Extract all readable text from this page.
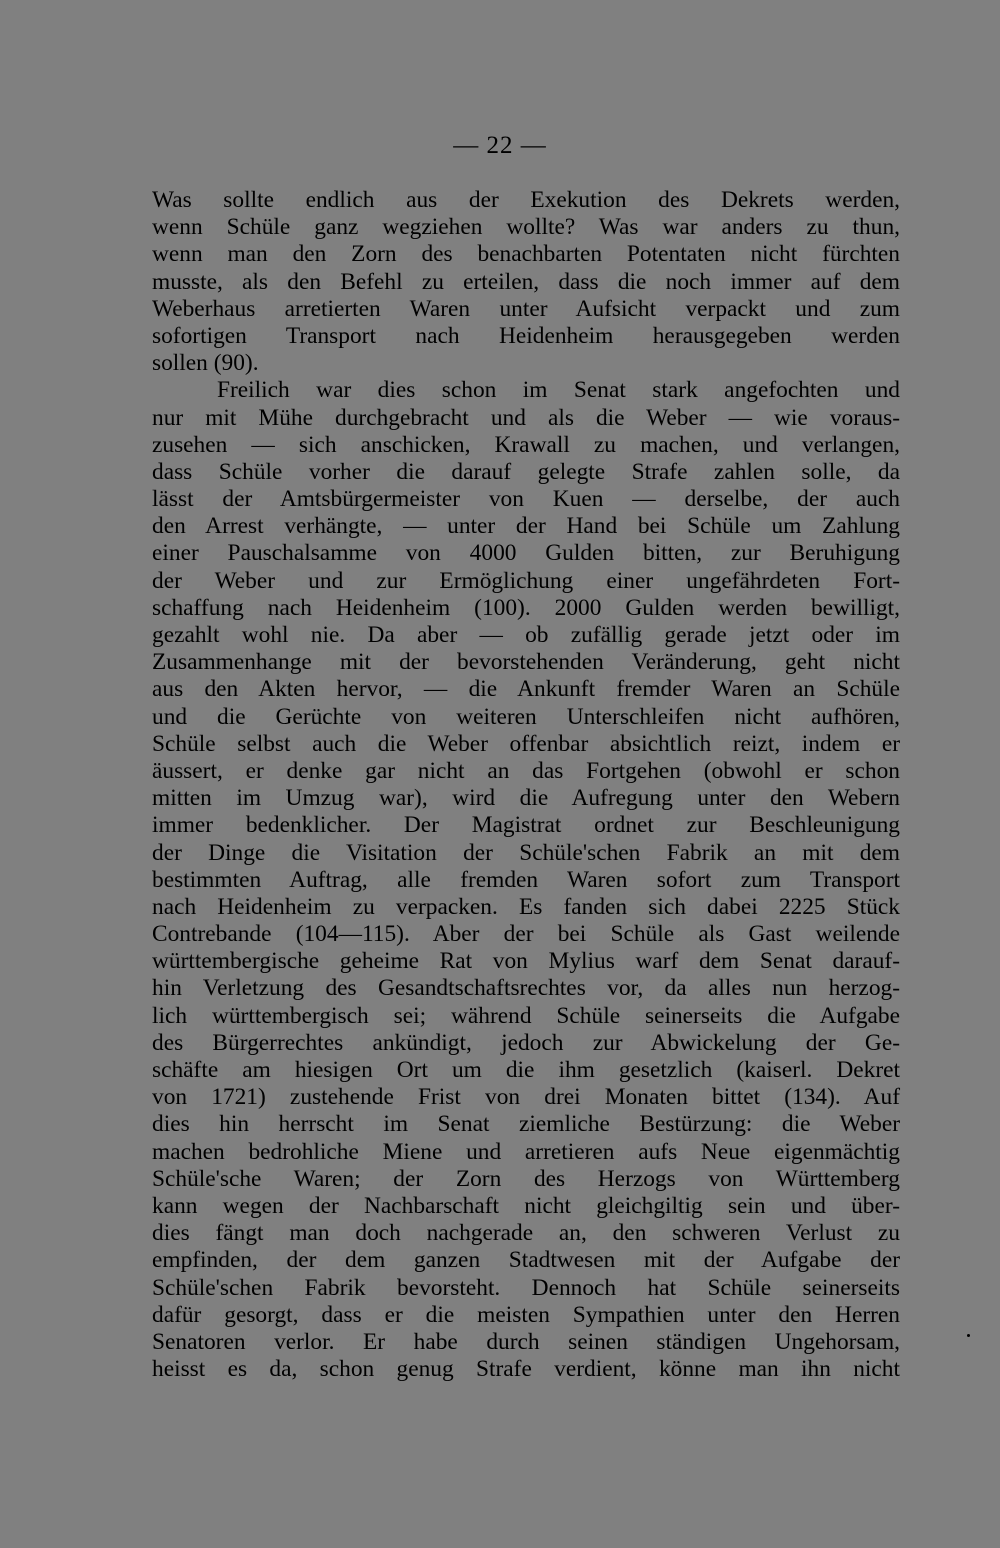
— 22 —
Was sollte endlich aus der Exekution des Dekrets werden,
wenn Schüle ganz wegziehen wollte? Was war anders zu thun,
wenn man den Zorn des benachbarten Potentaten nicht fürchten
musste, als den Befehl zu erteilen, dass die noch immer auf dem
Weberhaus arretierten Waren unter Aufsicht verpackt und zum
sofortigen Transport nach Heidenheim herausgegeben werden
sollen (90).
Freilich war dies schon im Senat stark angefochten und
nur mit Mühe durchgebracht und als die Weber — wie voraus-
zusehen — sich anschicken, Krawall zu machen, und verlangen,
dass Schüle vorher die darauf gelegte Strafe zahlen solle, da
lässt der Amtsbürgermeister von Kuen — derselbe, der auch
den Arrest verhängte, — unter der Hand bei Schüle um Zahlung
einer Pauschalsamme von 4000 Gulden bitten, zur Beruhigung
der Weber und zur Ermöglichung einer ungefährdeten Fort-
schaffung nach Heidenheim (100). 2000 Gulden werden bewilligt,
gezahlt wohl nie. Da aber — ob zufällig gerade jetzt oder im
Zusammenhange mit der bevorstehenden Veränderung, geht nicht
aus den Akten hervor, — die Ankunft fremder Waren an Schüle
und die Gerüchte von weiteren Unterschleifen nicht aufhören,
Schüle selbst auch die Weber offenbar absichtlich reizt, indem er
äussert, er denke gar nicht an das Fortgehen (obwohl er schon
mitten im Umzug war), wird die Aufregung unter den Webern
immer bedenklicher. Der Magistrat ordnet zur Beschleunigung
der Dinge die Visitation der Schüle'schen Fabrik an mit dem
bestimmten Auftrag, alle fremden Waren sofort zum Transport
nach Heidenheim zu verpacken. Es fanden sich dabei 2225 Stück
Contrebande (104—115). Aber der bei Schüle als Gast weilende
württembergische geheime Rat von Mylius warf dem Senat darauf-
hin Verletzung des Gesandtschaftsrechtes vor, da alles nun herzog-
lich württembergisch sei; während Schüle seinerseits die Aufgabe
des Bürgerrechtes ankündigt, jedoch zur Abwickelung der Ge-
schäfte am hiesigen Ort um die ihm gesetzlich (kaiserl. Dekret
von 1721) zustehende Frist von drei Monaten bittet (134). Auf
dies hin herrscht im Senat ziemliche Bestürzung: die Weber
machen bedrohliche Miene und arretieren aufs Neue eigenmächtig
Schüle'sche Waren; der Zorn des Herzogs von Württemberg
kann wegen der Nachbarschaft nicht gleichgiltig sein und über-
dies fängt man doch nachgerade an, den schweren Verlust zu
empfinden, der dem ganzen Stadtwesen mit der Aufgabe der
Schüle'schen Fabrik bevorsteht. Dennoch hat Schüle seinerseits
dafür gesorgt, dass er die meisten Sympathien unter den Herren
Senatoren verlor. Er habe durch seinen ständigen Ungehorsam,
heisst es da, schon genug Strafe verdient, könne man ihn nicht
